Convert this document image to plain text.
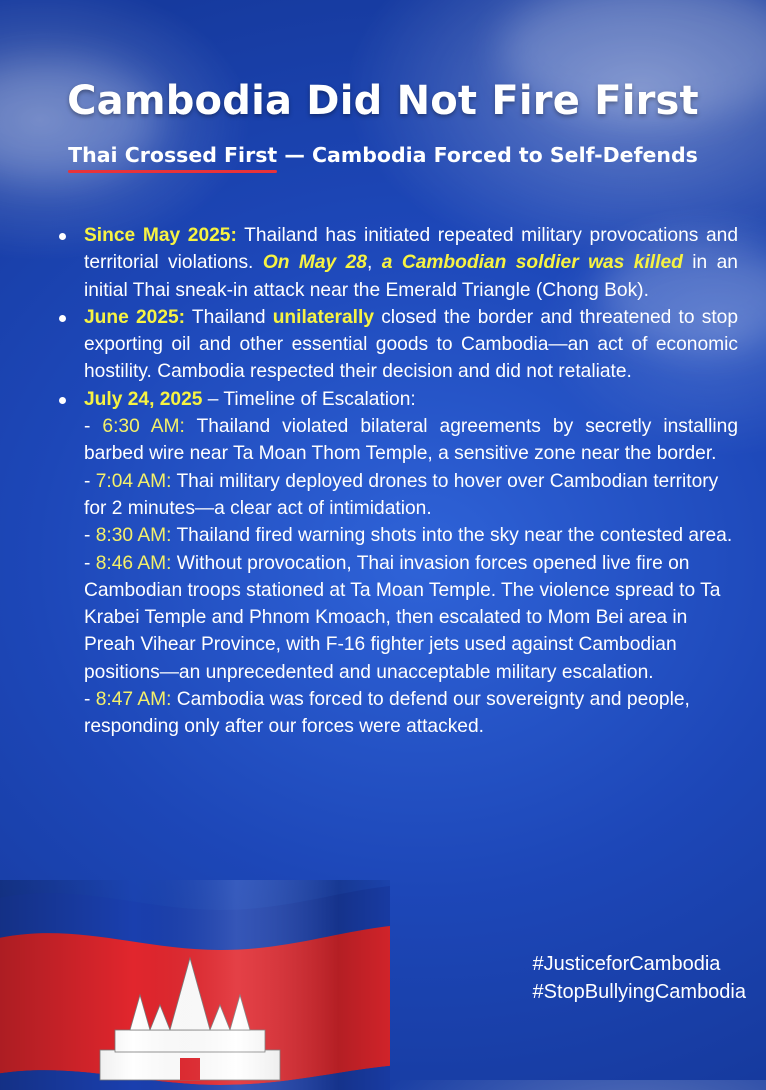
Cambodia Did Not Fire First
Thai Crossed First
— Cambodia Forced to Self-Defends
Since May 2025: Thailand has initiated repeated military provocations and territorial violations. On May 28, a Cambodian soldier was killed in an initial Thai sneak-in attack near the Emerald Triangle (Chong Bok).
June 2025: Thailand unilaterally closed the border and threatened to stop exporting oil and other essential goods to Cambodia—an act of economic hostility. Cambodia respected their decision and did not retaliate.
July 24, 2025 – Timeline of Escalation:
- 6:30 AM: Thailand violated bilateral agreements by secretly installing barbed wire near Ta Moan Thom Temple, a sensitive zone near the border.
- 7:04 AM: Thai military deployed drones to hover over Cambodian territory for 2 minutes—a clear act of intimidation.
- 8:30 AM: Thailand fired warning shots into the sky near the contested area.
- 8:46 AM: Without provocation, Thai invasion forces opened live fire on Cambodian troops stationed at Ta Moan Temple. The violence spread to Ta Krabei Temple and Phnom Kmoach, then escalated to Mom Bei area in Preah Vihear Province, with F-16 fighter jets used against Cambodian positions—an unprecedented and unacceptable military escalation.
- 8:47 AM: Cambodia was forced to defend our sovereignty and people, responding only after our forces were attacked.
#JusticeforCambodia
#StopBullyingCambodia
